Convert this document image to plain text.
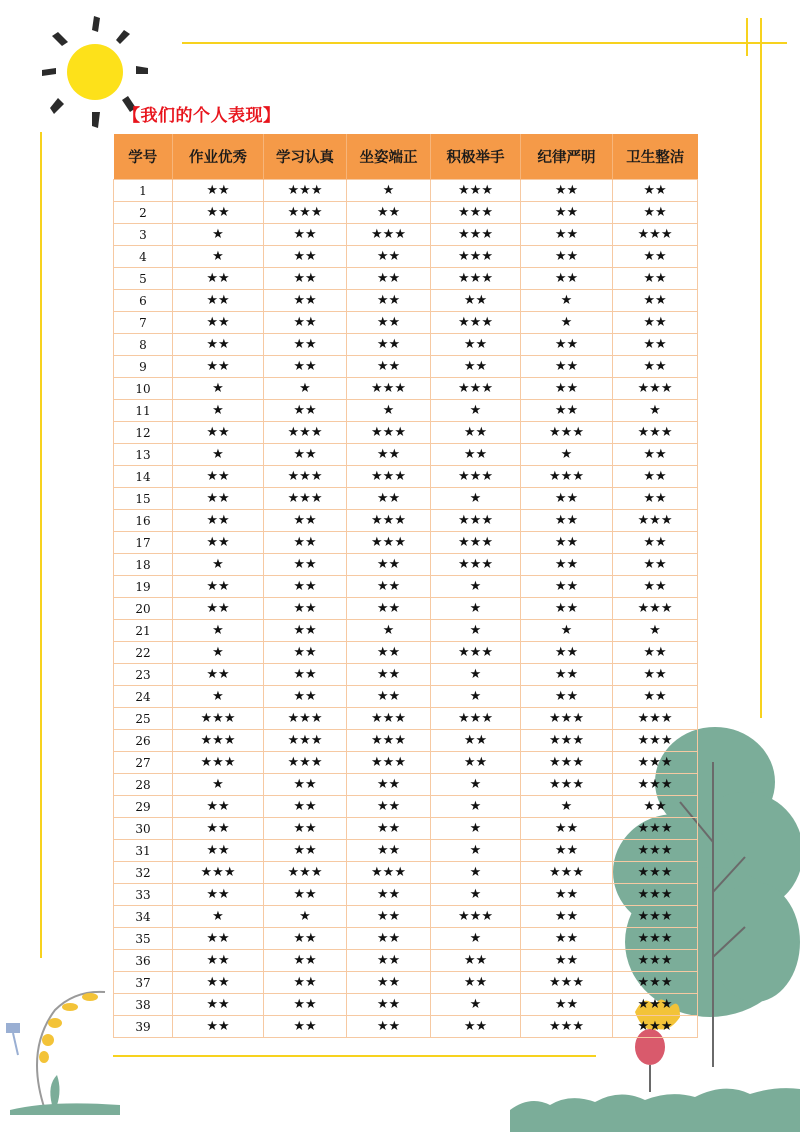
【我们的个人表现】
学号	作业优秀	学习认真	坐姿端正	积极举手	纪律严明	卫生整洁
1	★★	★★★	★	★★★	★★	★★
2	★★	★★★	★★	★★★	★★	★★
3	★	★★	★★★	★★★	★★	★★★
4	★	★★	★★	★★★	★★	★★
5	★★	★★	★★	★★★	★★	★★
6	★★	★★	★★	★★	★	★★
7	★★	★★	★★	★★★	★	★★
8	★★	★★	★★	★★	★★	★★
9	★★	★★	★★	★★	★★	★★
10	★	★	★★★	★★★	★★	★★★
11	★	★★	★	★	★★	★
12	★★	★★★	★★★	★★	★★★	★★★
13	★	★★	★★	★★	★	★★
14	★★	★★★	★★★	★★★	★★★	★★
15	★★	★★★	★★	★	★★	★★
16	★★	★★	★★★	★★★	★★	★★★
17	★★	★★	★★★	★★★	★★	★★
18	★	★★	★★	★★★	★★	★★
19	★★	★★	★★	★	★★	★★
20	★★	★★	★★	★	★★	★★★
21	★	★★	★	★	★	★
22	★	★★	★★	★★★	★★	★★
23	★★	★★	★★	★	★★	★★
24	★	★★	★★	★	★★	★★
25	★★★	★★★	★★★	★★★	★★★	★★★
26	★★★	★★★	★★★	★★	★★★	★★★
27	★★★	★★★	★★★	★★	★★★	★★★
28	★	★★	★★	★	★★★	★★★
29	★★	★★	★★	★	★	★★
30	★★	★★	★★	★	★★	★★★
31	★★	★★	★★	★	★★	★★★
32	★★★	★★★	★★★	★	★★★	★★★
33	★★	★★	★★	★	★★	★★★
34	★	★	★★	★★★	★★	★★★
35	★★	★★	★★	★	★★	★★★
36	★★	★★	★★	★★	★★	★★★
37	★★	★★	★★	★★	★★★	★★★
38	★★	★★	★★	★	★★	★★★
39	★★	★★	★★	★★	★★★	★★★
